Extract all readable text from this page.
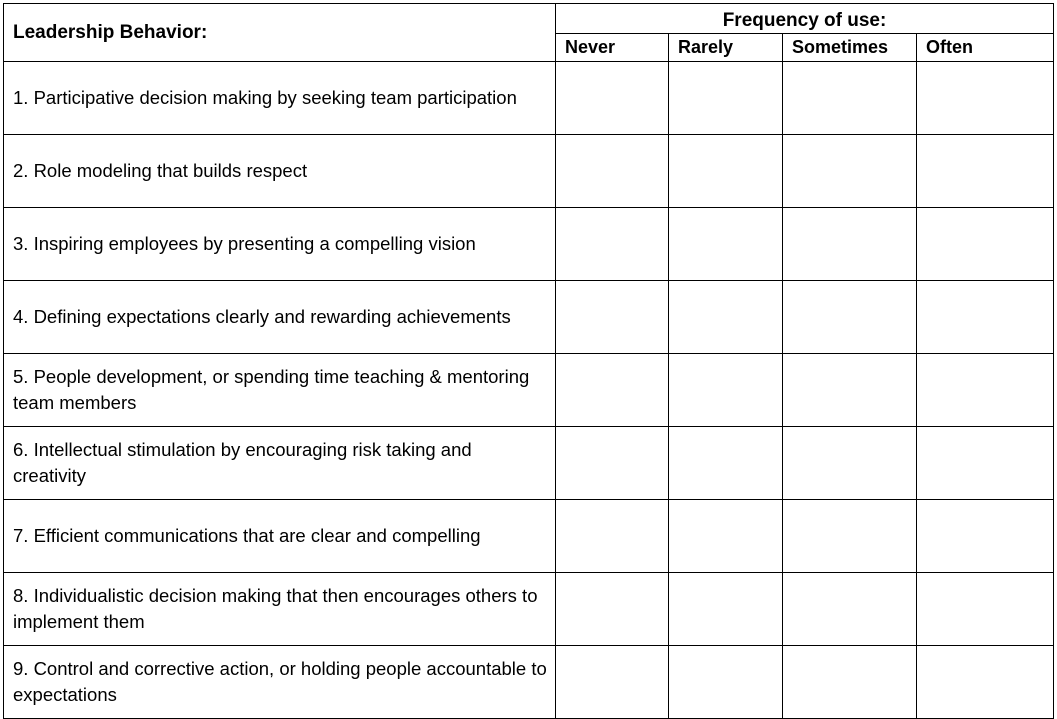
Leadership Behavior:	Frequency of use:			
	Never	Rarely	Sometimes	Often
1. Participative decision making by seeking team participation				
2. Role modeling that builds respect				
3. Inspiring employees by presenting a compelling vision				
4. Defining expectations clearly and rewarding achievements				
5. People development, or spending time teaching & mentoring team members				
6. Intellectual stimulation by encouraging risk taking and creativity				
7. Efficient communications that are clear and compelling				
8. Individualistic decision making that then encourages others to implement them				
9. Control and corrective action, or holding people accountable to expectations				
